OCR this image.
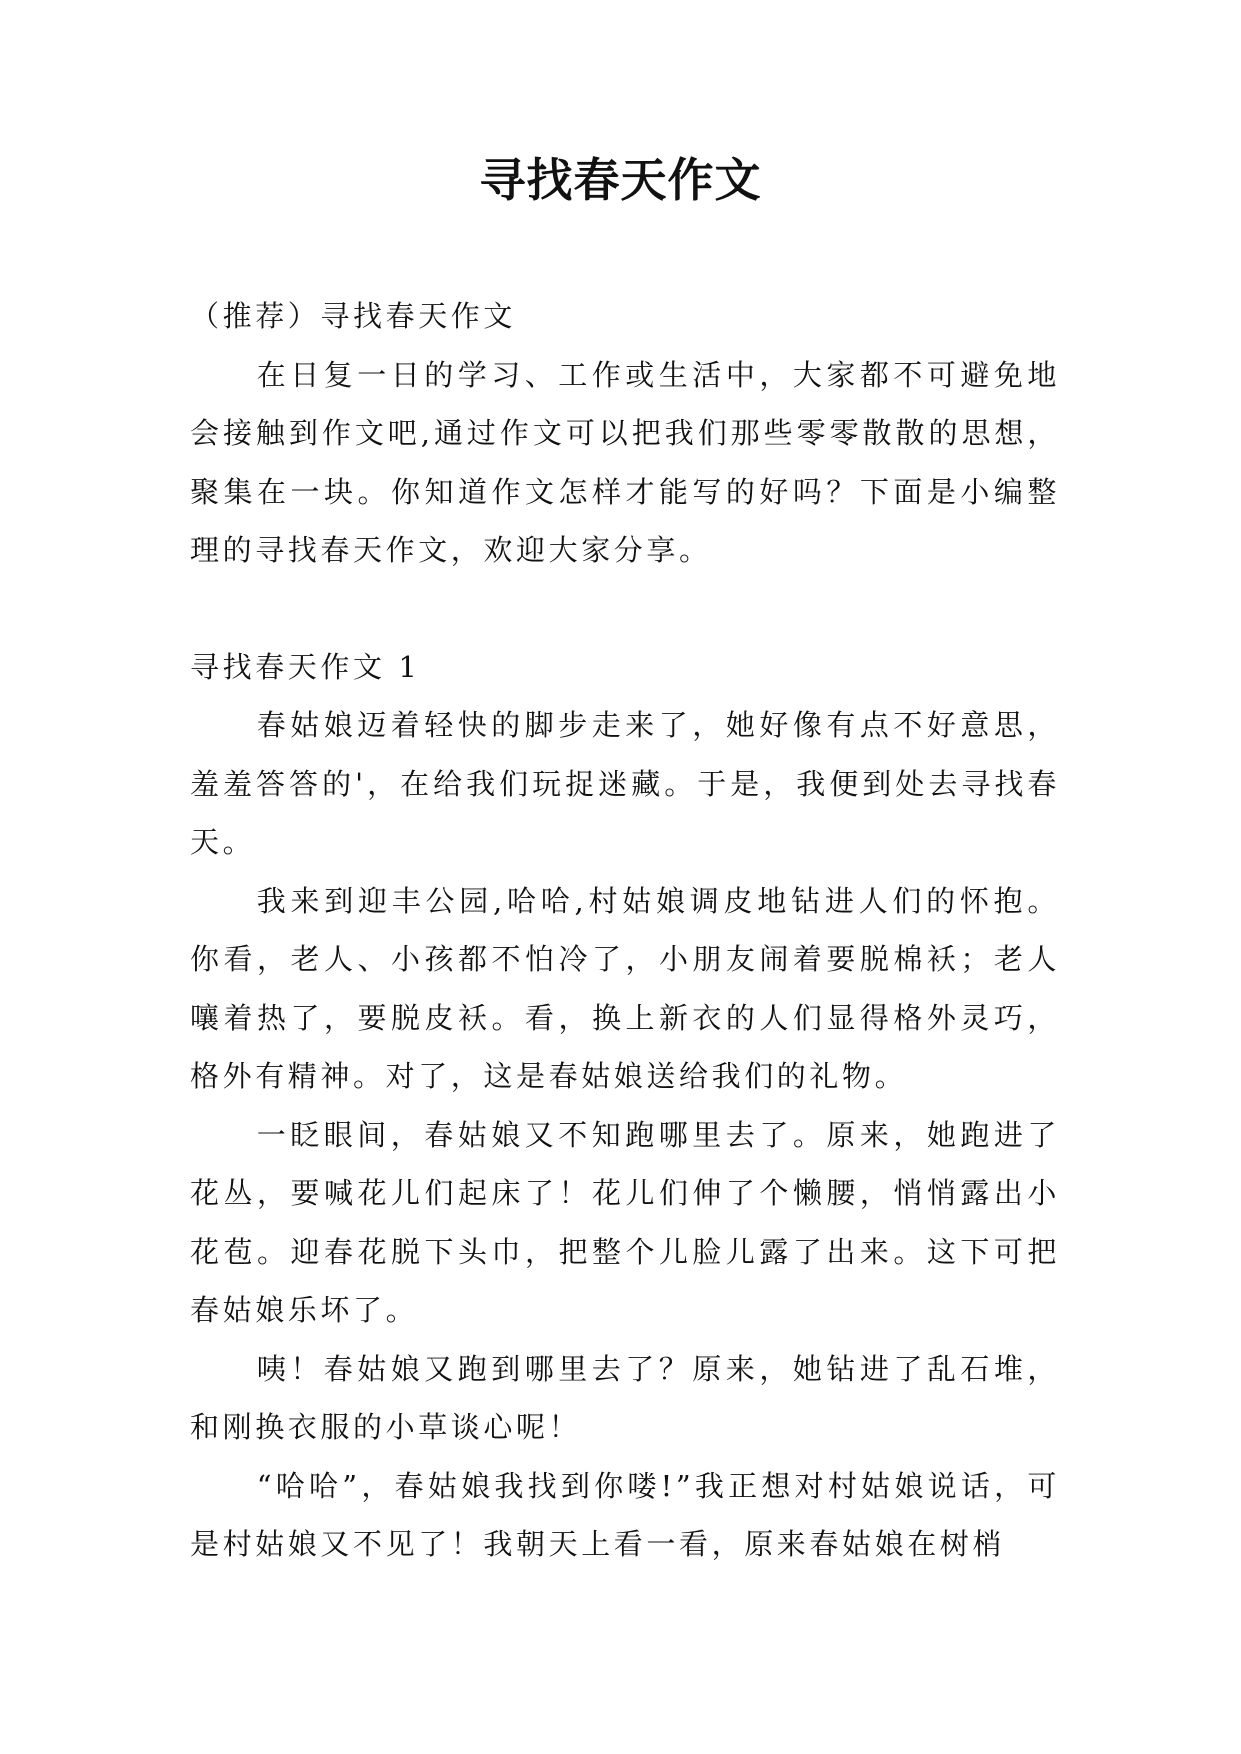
寻找春天作文

（推荐）寻找春天作文

在日复一日的学习、工作或生活中，大家都不可避免地会接触到作文吧,通过作文可以把我们那些零零散散的思想，聚集在一块。你知道作文怎样才能写的好吗？下面是小编整理的寻找春天作文，欢迎大家分享。

寻找春天作文 1

春姑娘迈着轻快的脚步走来了，她好像有点不好意思，羞羞答答的'，在给我们玩捉迷藏。于是，我便到处去寻找春天。

我来到迎丰公园,哈哈,村姑娘调皮地钻进人们的怀抱。你看，老人、小孩都不怕冷了，小朋友闹着要脱棉袄；老人嚷着热了，要脱皮袄。看，换上新衣的人们显得格外灵巧，格外有精神。对了，这是春姑娘送给我们的礼物。

一眨眼间，春姑娘又不知跑哪里去了。原来，她跑进了花丛，要喊花儿们起床了！花儿们伸了个懒腰，悄悄露出小花苞。迎春花脱下头巾，把整个儿脸儿露了出来。这下可把春姑娘乐坏了。

咦！春姑娘又跑到哪里去了？原来，她钻进了乱石堆，和刚换衣服的小草谈心呢！

“哈哈”，春姑娘我找到你喽!”我正想对村姑娘说话，可是村姑娘又不见了！我朝天上看一看，原来春姑娘在树梢
